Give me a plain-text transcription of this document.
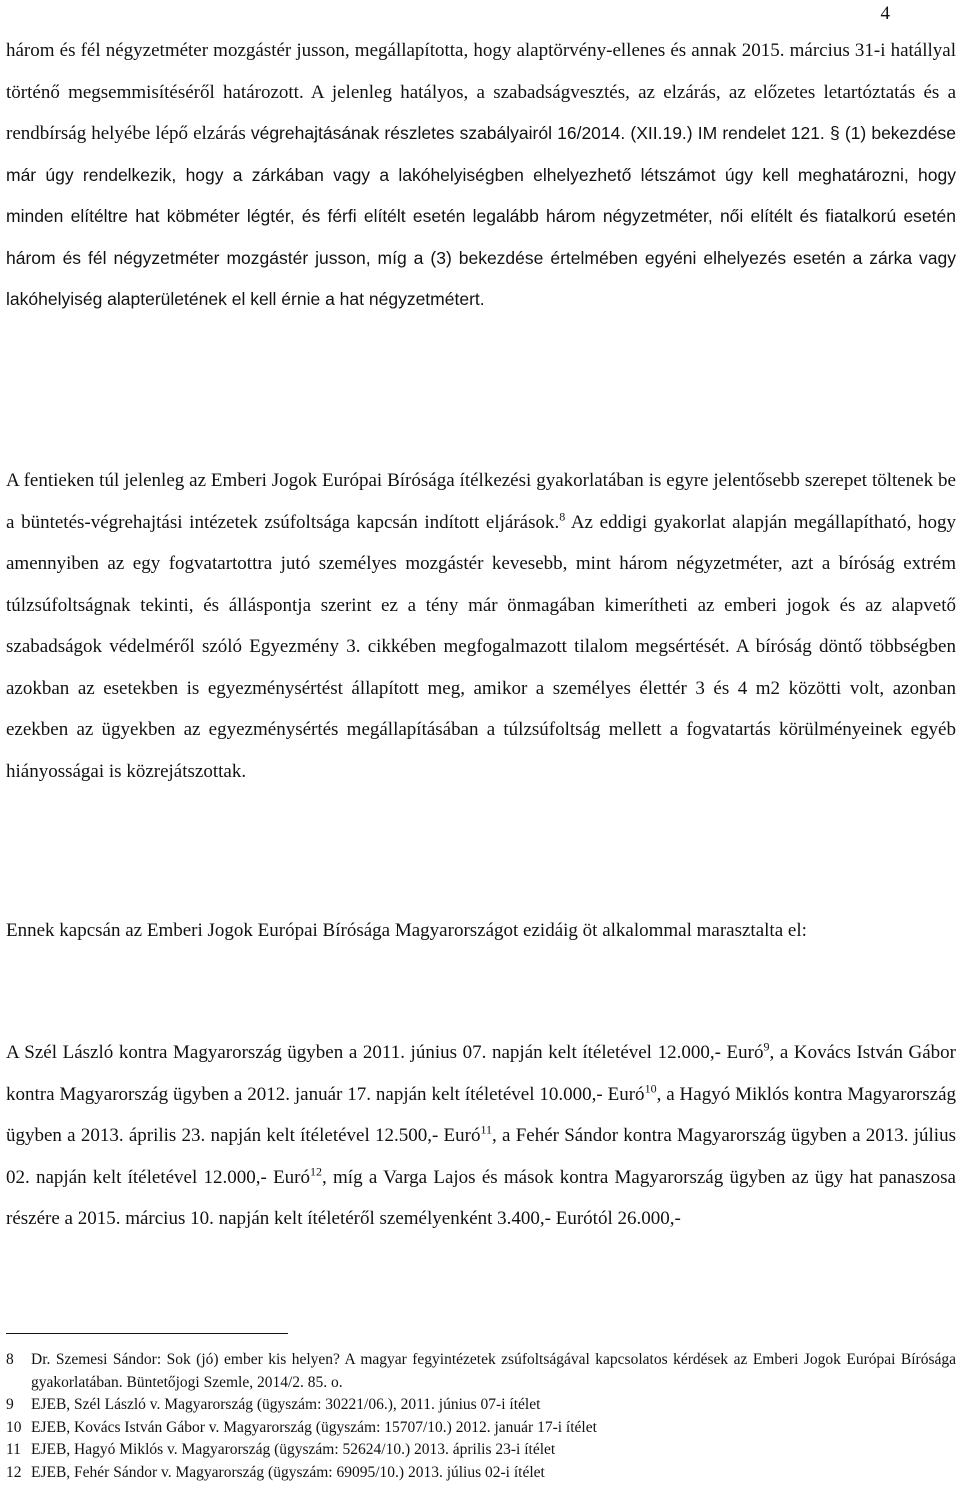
4

három és fél négyzetméter mozgástér jusson, megállapította, hogy alaptörvény-ellenes és annak 2015. március 31-i hatállyal történő megsemmisítéséről határozott. A jelenleg hatályos, a szabadságvesztés, az elzárás, az előzetes letartóztatás és a rendbírság helyébe lépő elzárás végrehajtásának részletes szabályairól 16/2014. (XII.19.) IM rendelet 121. § (1) bekezdése már úgy rendelkezik, hogy a zárkában vagy a lakóhelyiségben elhelyezhető létszámot úgy kell meghatározni, hogy minden elítéltre hat köbméter légtér, és férfi elítélt esetén legalább három négyzetméter, női elítélt és fiatalkorú esetén három és fél négyzetméter mozgástér jusson, míg a (3) bekezdése értelmében egyéni elhelyezés esetén a zárka vagy lakóhelyiség alapterületének el kell érnie a hat négyzetmétert.

A fentieken túl jelenleg az Emberi Jogok Európai Bírósága ítélkezési gyakorlatában is egyre jelentősebb szerepet töltenek be a büntetés-végrehajtási intézetek zsúfoltsága kapcsán indított eljárások.$^8$ Az eddigi gyakorlat alapján megállapítható, hogy amennyiben az egy fogvatartottra jutó személyes mozgástér kevesebb, mint három négyzetméter, azt a bíróság extrém túlzsúfoltságnak tekinti, és álláspontja szerint ez a tény már önmagában kimerítheti az emberi jogok és az alapvető szabadságok védelméről szóló Egyezmény 3. cikkében megfogalmazott tilalom megsértését. A bíróság döntő többségben azokban az esetekben is egyezménysértést állapított meg, amikor a személyes élettér 3 és 4 m2 közötti volt, azonban ezekben az ügyekben az egyezménysértés megállapításában a túlzsúfoltság mellett a fogvatartás körülményeinek egyéb hiányosságai is közrejátszottak.

Ennek kapcsán az Emberi Jogok Európai Bírósága Magyarországot ezidáig öt alkalommal marasztalta el:

A Szél László kontra Magyarország ügyben a 2011. június 07. napján kelt ítéletével 12.000,- Euró$^9$, a Kovács István Gábor kontra Magyarország ügyben a 2012. január 17. napján kelt ítéletével 10.000,- Euró$^{10}$, a Hagyó Miklós kontra Magyarország ügyben a 2013. április 23. napján kelt ítéletével 12.500,- Euró$^{11}$, a Fehér Sándor kontra Magyarország ügyben a 2013. július 02. napján kelt ítéletével 12.000,- Euró$^{12}$, míg a Varga Lajos és mások kontra Magyarország ügyben az ügy hat panaszosa részére a 2015. március 10. napján kelt ítéletéről személyenként 3.400,- Eurótól 26.000,-

8	Dr. Szemesi Sándor: Sok (jó) ember kis helyen? A magyar fegyintézetek zsúfoltságával kapcsolatos kérdések az Emberi Jogok Európai Bírósága gyakorlatában. Büntetőjogi Szemle, 2014/2. 85. o.
9	EJEB, Szél László v. Magyarország (ügyszám: 30221/06.), 2011. június 07-i ítélet
10 EJEB, Kovács István Gábor v. Magyarország (ügyszám: 15707/10.) 2012. január 17-i ítélet
11 EJEB, Hagyó Miklós v. Magyarország (ügyszám: 52624/10.) 2013. április 23-i ítélet
12 EJEB, Fehér Sándor v. Magyarország (ügyszám: 69095/10.) 2013. július 02-i ítélet
